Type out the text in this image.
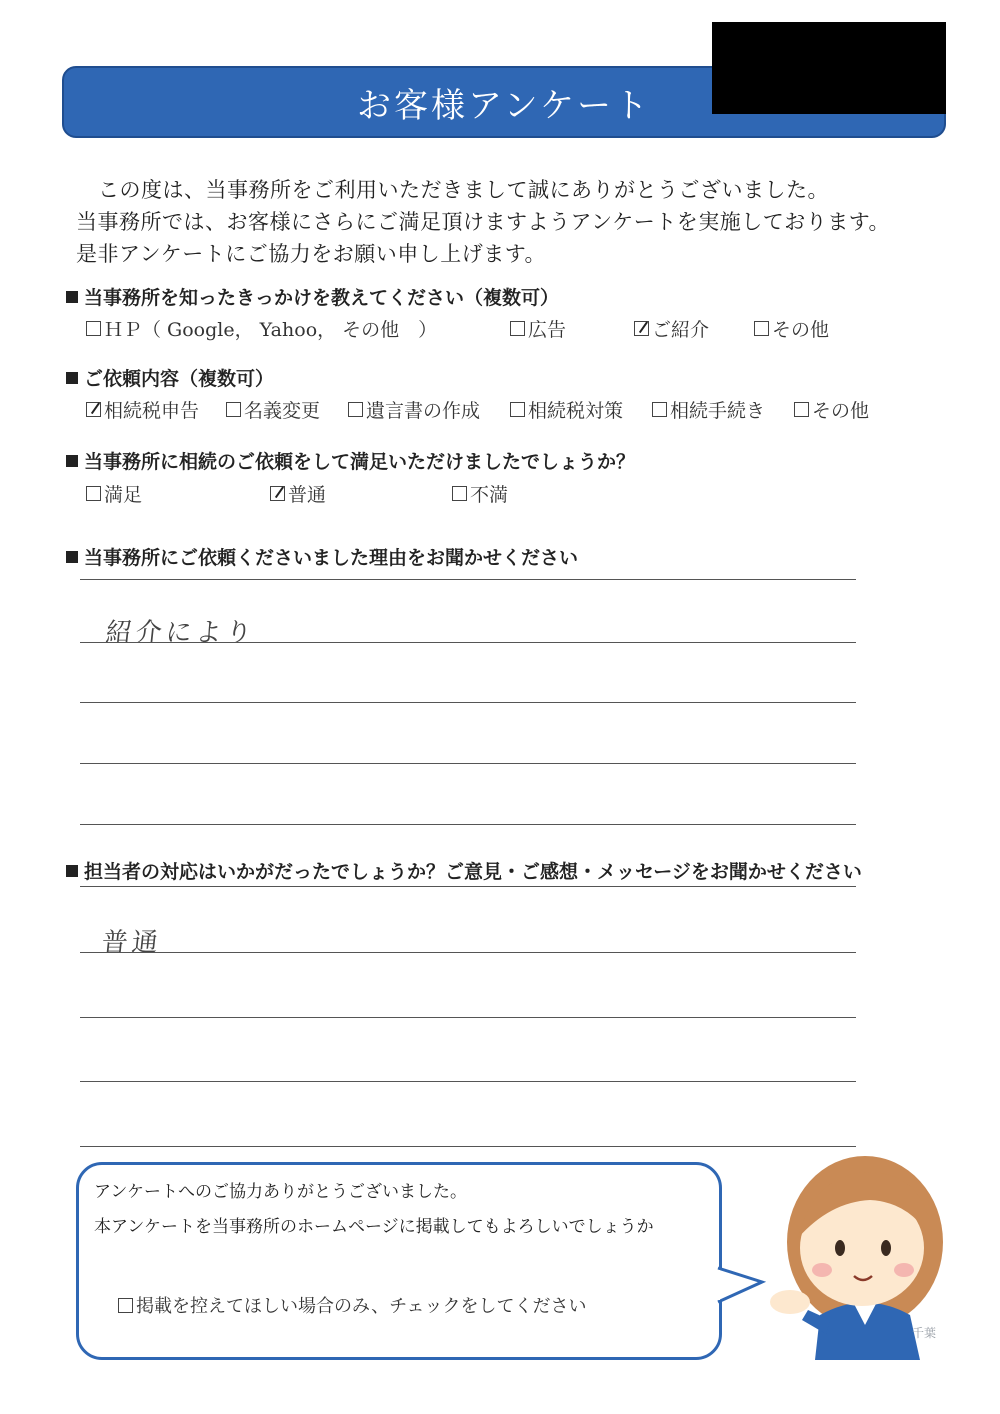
お客様アンケート
この度は、当事務所をご利用いただきまして誠にありがとうございました。
当事務所では、お客様にさらにご満足頂けますようアンケートを実施しております。
是非アンケートにご協力をお願い申し上げます。
当事務所を知ったきっかけを教えてください（複数可）
ＨＰ（ Google， Yahoo， その他　）	広告	ご紹介	その他
ご依頼内容（複数可）
相続税申告 名義変更 遺言書の作成	相続税対策 相続手続き その他
当事務所に相続のご依頼をして満足いただけましたでしょうか？
満足	普通	不満
当事務所にご依頼くださいました理由をお聞かせください
紹介により
担当者の対応はいかがだったでしょうか？ご意見・ご感想・メッセージをお聞かせください
普通
アンケートへのご協力ありがとうございました。
本アンケートを当事務所のホームページに掲載してもよろしいでしょうか
掲載を控えてほしい場合のみ、チェックをしてください
千葉
